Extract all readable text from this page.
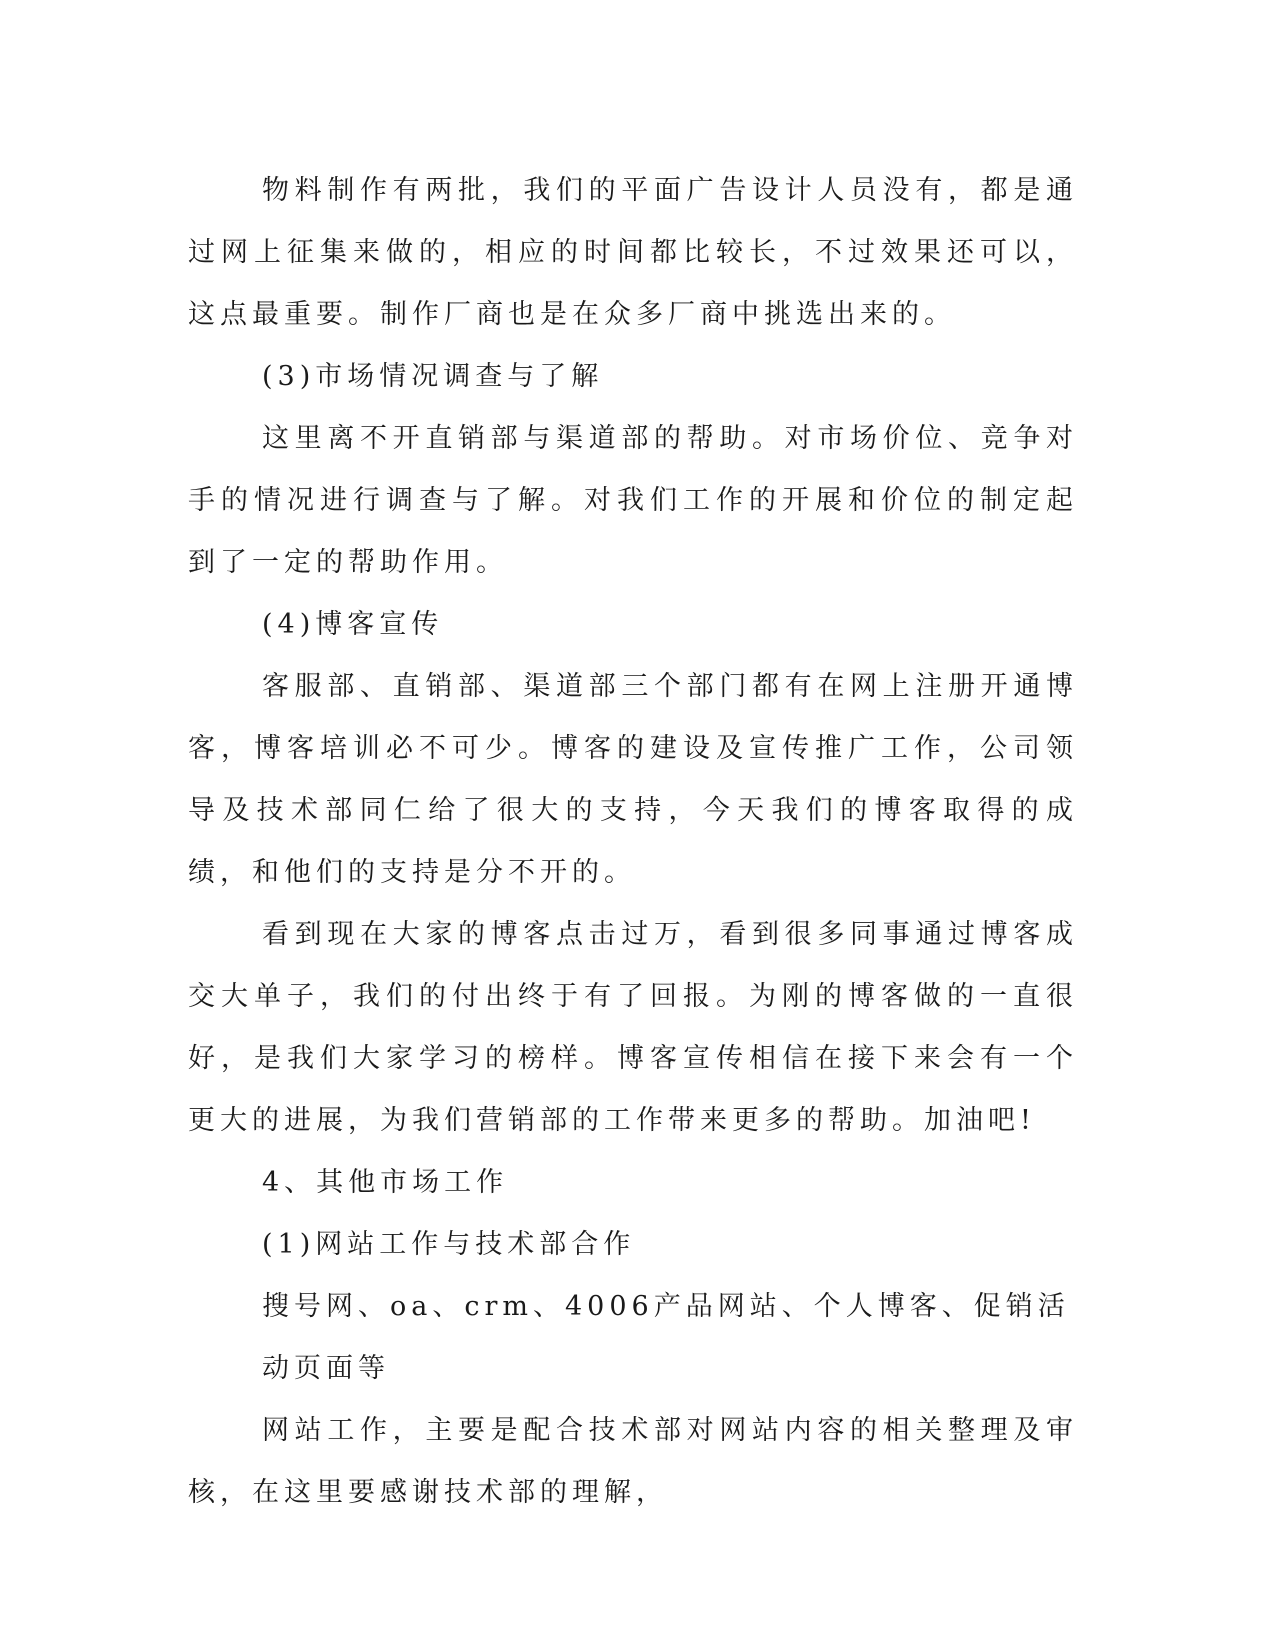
物料制作有两批，我们的平面广告设计人员没有，都是通过网上征集来做的，相应的时间都比较长，不过效果还可以，这点最重要。制作厂商也是在众多厂商中挑选出来的。

(3)市场情况调查与了解

这里离不开直销部与渠道部的帮助。对市场价位、竞争对手的情况进行调查与了解。对我们工作的开展和价位的制定起到了一定的帮助作用。

(4)博客宣传

客服部、直销部、渠道部三个部门都有在网上注册开通博客，博客培训必不可少。博客的建设及宣传推广工作，公司领导及技术部同仁给了很大的支持，今天我们的博客取得的成绩，和他们的支持是分不开的。

看到现在大家的博客点击过万，看到很多同事通过博客成交大单子，我们的付出终于有了回报。为刚的博客做的一直很好，是我们大家学习的榜样。博客宣传相信在接下来会有一个更大的进展，为我们营销部的工作带来更多的帮助。加油吧!

4、其他市场工作

(1)网站工作与技术部合作

搜号网、oa、crm、4006产品网站、个人博客、促销活动页面等

网站工作，主要是配合技术部对网站内容的相关整理及审核，在这里要感谢技术部的理解，
